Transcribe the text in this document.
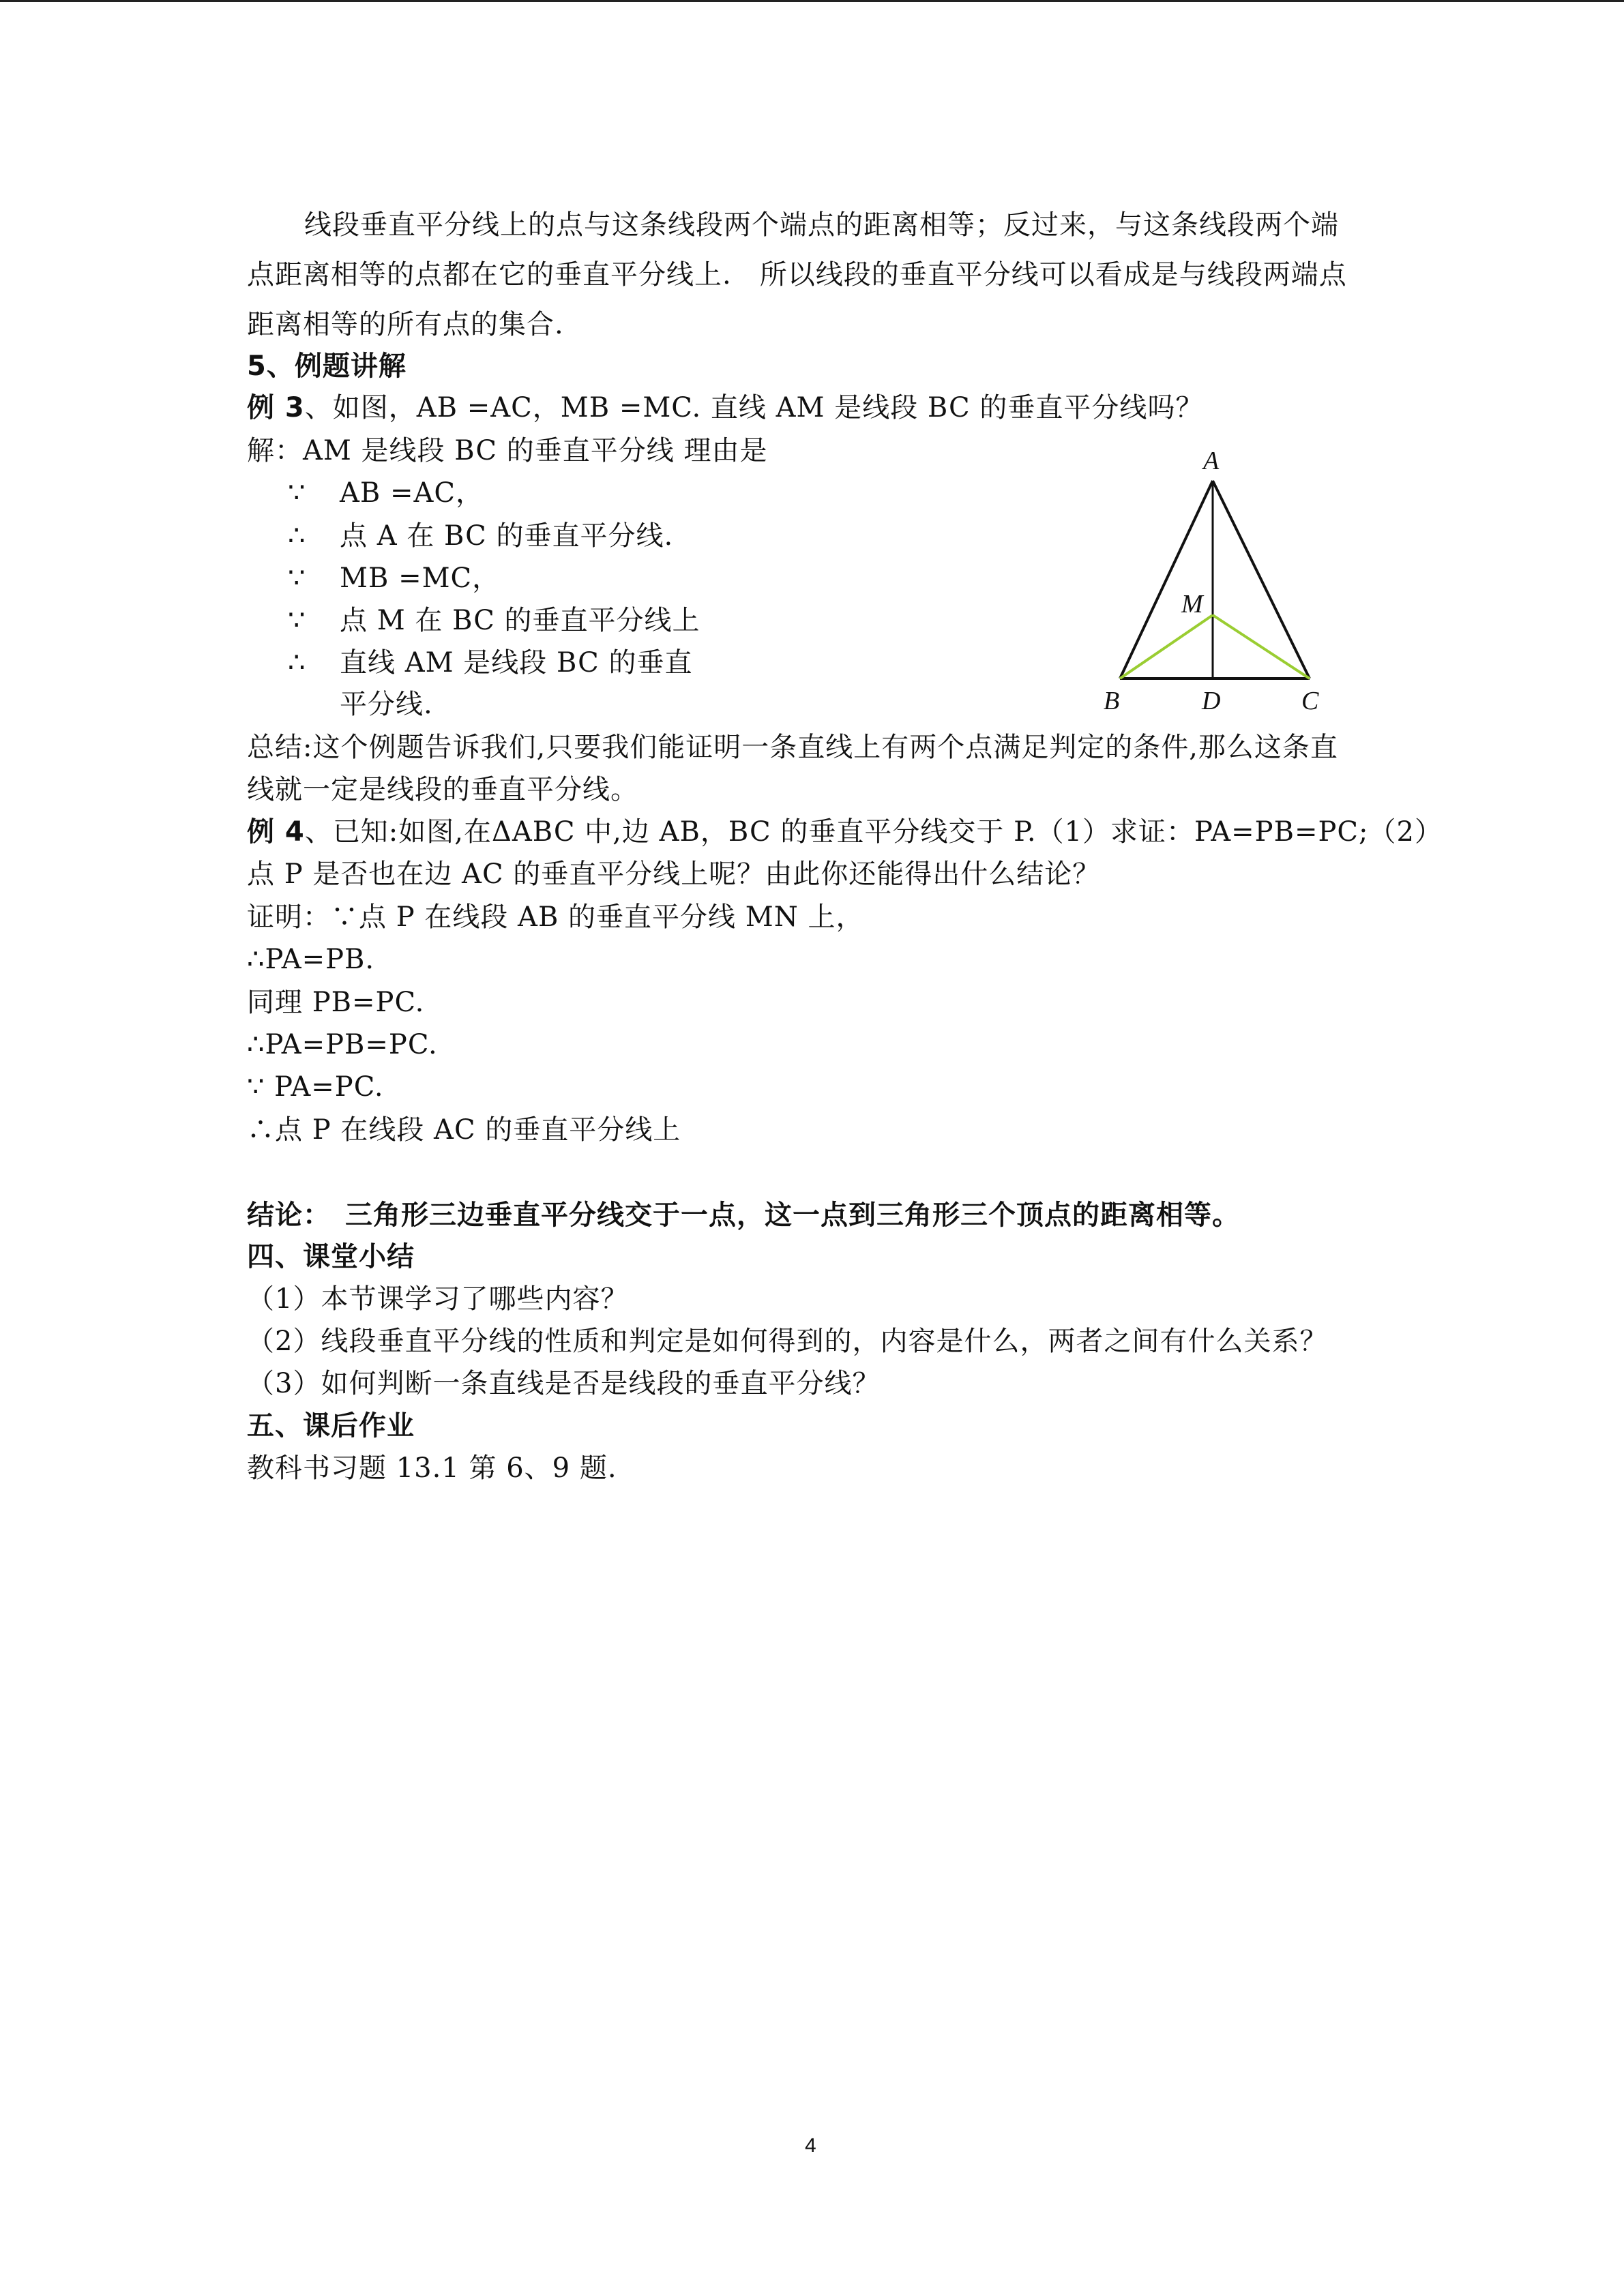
线段垂直平分线上的点与这条线段两个端点的距离相等；反过来，与这条线段两个端
点距离相等的点都在它的垂直平分线上.　所以线段的垂直平分线可以看成是与线段两端点
距离相等的所有点的集合.
5、例题讲解
例 3、如图，AB =AC，MB =MC. 直线 AM 是线段 BC 的垂直平分线吗？
解：AM 是线段 BC 的垂直平分线 理由是
∵ AB =AC，
∴ 点 A 在 BC 的垂直平分线.
∵ MB =MC，
∵ 点 M 在 BC 的垂直平分线上
∴ 直线 AM 是线段 BC 的垂直
平分线.
A
M
B	D	C
总结:这个例题告诉我们,只要我们能证明一条直线上有两个点满足判定的条件,那么这条直
线就一定是线段的垂直平分线。
例 4、已知:如图,在ΔABC 中,边 AB，BC 的垂直平分线交于 P.（1）求证：PA=PB=PC;（2）
点 P 是否也在边 AC 的垂直平分线上呢？由此你还能得出什么结论？
证明：∵点 P 在线段 AB 的垂直平分线 MN 上，
∴PA=PB.
同理 PB=PC.
∴PA=PB=PC.
∵ PA=PC.
∴点 P 在线段 AC 的垂直平分线上
结论：　三角形三边垂直平分线交于一点，这一点到三角形三个顶点的距离相等。
四、课堂小结
（1）本节课学习了哪些内容？
（2）线段垂直平分线的性质和判定是如何得到的，内容是什么，两者之间有什么关系？
（3）如何判断一条直线是否是线段的垂直平分线？
五、课后作业
教科书习题 13.1 第 6、9 题.
4
